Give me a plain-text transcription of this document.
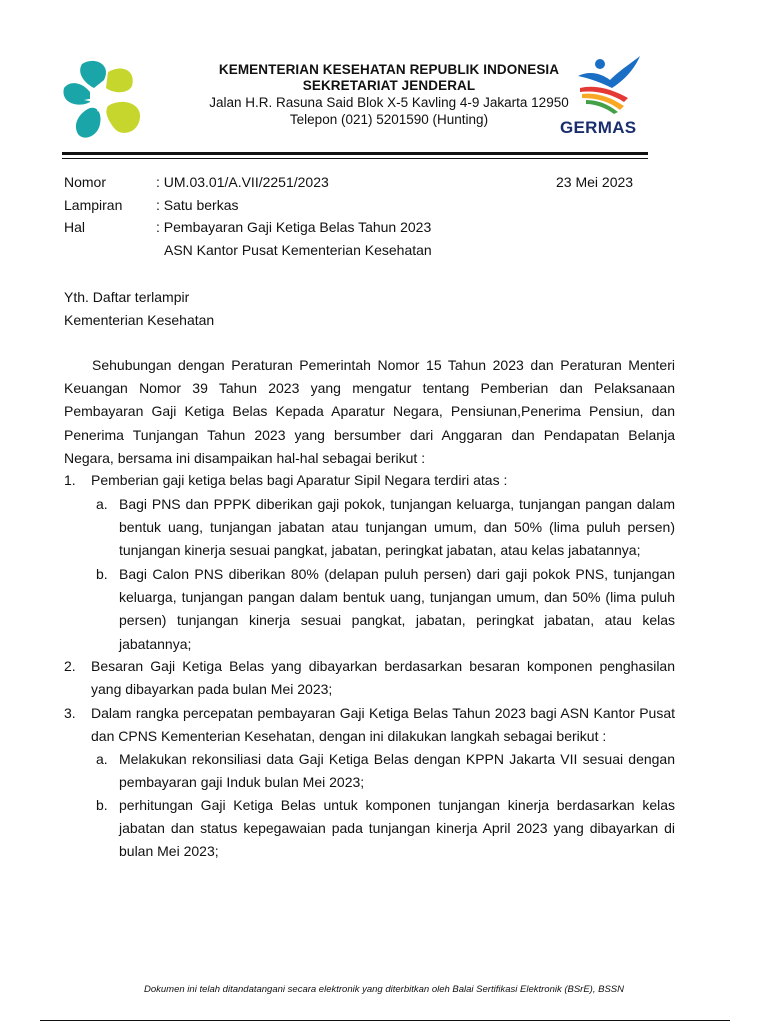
KEMENTERIAN KESEHATAN REPUBLIK INDONESIA
SEKRETARIAT JENDERAL
Jalan H.R. Rasuna Said Blok X-5 Kavling 4-9 Jakarta 12950
Telepon (021) 5201590 (Hunting)	GERMAS
Nomor	: UM.03.01/A.VII/2251/2023	23 Mei 2023
Lampiran : Satu berkas
Hal	: Pembayaran Gaji Ketiga Belas Tahun 2023
ASN Kantor Pusat Kementerian Kesehatan
Yth. Daftar terlampir
Kementerian Kesehatan
Sehubungan dengan Peraturan Pemerintah Nomor 15 Tahun 2023 dan Peraturan Menteri Keuangan Nomor 39 Tahun 2023 yang mengatur tentang Pemberian dan Pelaksanaan Pembayaran Gaji Ketiga Belas Kepada Aparatur Negara, Pensiunan,Penerima Pensiun, dan Penerima Tunjangan Tahun 2023 yang bersumber dari Anggaran dan Pendapatan Belanja Negara, bersama ini disampaikan hal-hal sebagai berikut :
1. Pemberian gaji ketiga belas bagi Aparatur Sipil Negara terdiri atas :
a. Bagi PNS dan PPPK diberikan gaji pokok, tunjangan keluarga, tunjangan pangan dalam bentuk uang, tunjangan jabatan atau tunjangan umum, dan 50% (lima puluh persen) tunjangan kinerja sesuai pangkat, jabatan, peringkat jabatan, atau kelas jabatannya;
b. Bagi Calon PNS diberikan 80% (delapan puluh persen) dari gaji pokok PNS, tunjangan keluarga, tunjangan pangan dalam bentuk uang, tunjangan umum, dan 50% (lima puluh persen) tunjangan kinerja sesuai pangkat, jabatan, peringkat jabatan, atau kelas jabatannya;
2. Besaran Gaji Ketiga Belas yang dibayarkan berdasarkan besaran komponen penghasilan yang dibayarkan pada bulan Mei 2023;
3. Dalam rangka percepatan pembayaran Gaji Ketiga Belas Tahun 2023 bagi ASN Kantor Pusat dan CPNS Kementerian Kesehatan, dengan ini dilakukan langkah sebagai berikut :
a. Melakukan rekonsiliasi data Gaji Ketiga Belas dengan KPPN Jakarta VII sesuai dengan pembayaran gaji Induk bulan Mei 2023;
b. perhitungan Gaji Ketiga Belas untuk komponen tunjangan kinerja berdasarkan kelas jabatan dan status kepegawaian pada tunjangan kinerja April 2023 yang dibayarkan di bulan Mei 2023;
Dokumen ini telah ditandatangani secara elektronik yang diterbitkan oleh Balai Sertifikasi Elektronik (BSrE), BSSN
